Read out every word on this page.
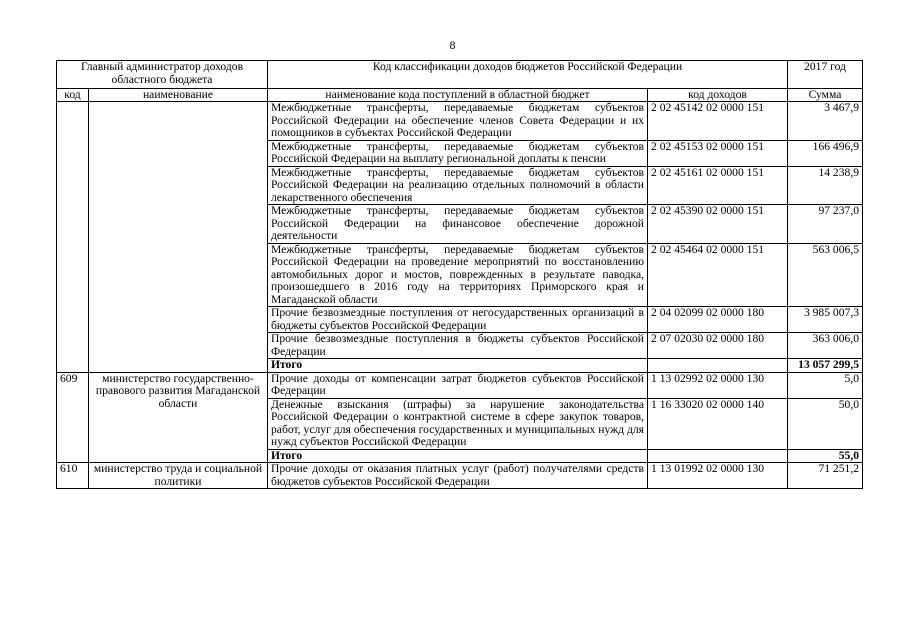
8
Главный администратор доходов областного бюджета		Код классификации доходов бюджетов Российской Федерации		2017 год
код	наименование	наименование кода поступлений в областной бюджет	код доходов	Сумма
		Межбюджетные трансферты, передаваемые бюджетам субъектов Российской Федерации на обеспечение членов Совета Федерации и их помощников в субъектах Российской Федерации	2 02 45142 02 0000 151	3 467,9
		Межбюджетные трансферты, передаваемые бюджетам субъектов Российской Федерации на выплату региональной доплаты к пенсии	2 02 45153 02 0000 151	166 496,9
		Межбюджетные трансферты, передаваемые бюджетам субъектов Российской Федерации на реализацию отдельных полномочий в области лекарственного обеспечения	2 02 45161 02 0000 151	14 238,9
		Межбюджетные трансферты, передаваемые бюджетам субъектов Российской Федерации на финансовое обеспечение дорожной деятельности	2 02 45390 02 0000 151	97 237,0
		Межбюджетные трансферты, передаваемые бюджетам субъектов Российской Федерации на проведение мероприятий по восстановлению автомобильных дорог и мостов, поврежденных в результате паводка, произошедшего в 2016 году на территориях Приморского края и Магаданской области	2 02 45464 02 0000 151	563 006,5
		Прочие безвозмездные поступления от негосударственных организаций в бюджеты субъектов Российской Федерации	2 04 02099 02 0000 180	3 985 007,3
		Прочие безвозмездные поступления в бюджеты субъектов Российской Федерации	2 07 02030 02 0000 180	363 006,0
		Итого		13 057 299,5
609	министерство государственно-правового развития Магаданской области	Прочие доходы от компенсации затрат бюджетов субъектов Российской Федерации	1 13 02992 02 0000 130	5,0
		Денежные взыскания (штрафы) за нарушение законодательства Российской Федерации о контрактной системе в сфере закупок товаров, работ, услуг для обеспечения государственных и муниципальных нужд для нужд субъектов Российской Федерации	1 16 33020 02 0000 140	50,0
		Итого		55,0
610	министерство труда и социальной политики	Прочие доходы от оказания платных услуг (работ) получателями средств бюджетов субъектов Российской Федерации	1 13 01992 02 0000 130	71 251,2
